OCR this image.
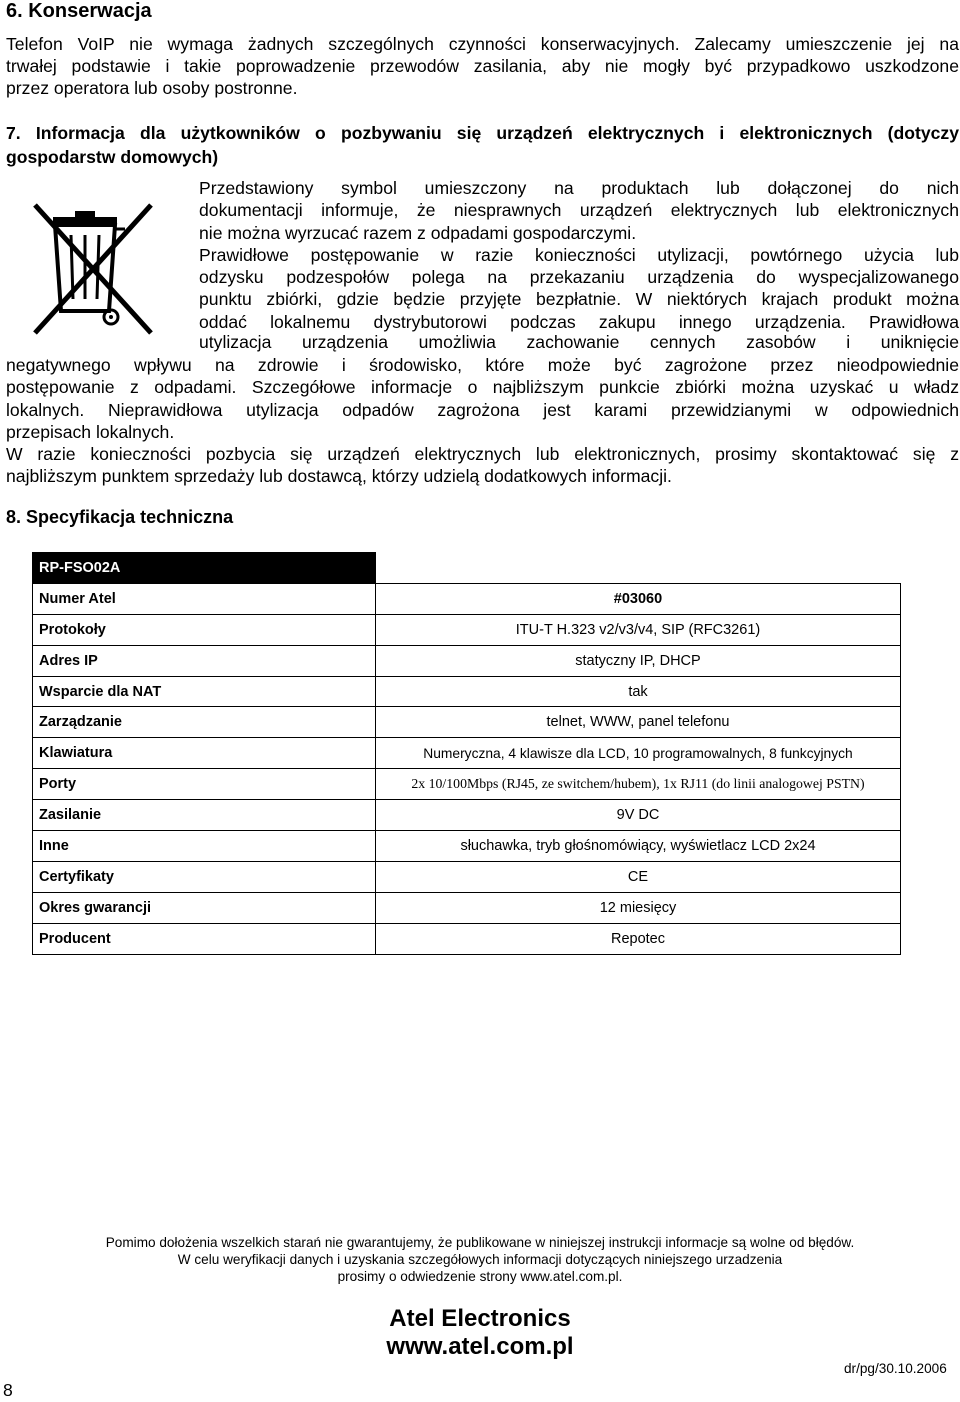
6. Konserwacja
Telefon VoIP nie wymaga żadnych szczególnych czynności konserwacyjnych. Zalecamy umieszczenie jej na
trwałej podstawie i takie poprowadzenie przewodów zasilania, aby nie mogły być przypadkowo uszkodzone
przez operatora lub osoby postronne.
7. Informacja dla użytkowników o pozbywaniu się urządzeń elektrycznych i elektronicznych (dotyczy
gospodarstw domowych)
Przedstawiony symbol umieszczony na produktach lub dołączonej do nich
dokumentacji informuje, że niesprawnych urządzeń elektrycznych lub elektronicznych
nie można wyrzucać razem z odpadami gospodarczymi.
Prawidłowe postępowanie w razie konieczności utylizacji, powtórnego użycia lub
odzysku podzespołów polega na przekazaniu urządzenia do wyspecjalizowanego
punktu zbiórki, gdzie będzie przyjęte bezpłatnie. W niektórych krajach produkt można
oddać lokalnemu dystrybutorowi podczas zakupu innego urządzenia. Prawidłowa
utylizacja urządzenia umożliwia zachowanie cennych zasobów i uniknięcie
negatywnego wpływu na zdrowie i środowisko, które może być zagrożone przez nieodpowiednie
postępowanie z odpadami. Szczegółowe informacje o najbliższym punkcie zbiórki można uzyskać u władz
lokalnych. Nieprawidłowa utylizacja odpadów zagrożona jest karami przewidzianymi w odpowiednich
przepisach lokalnych.
W razie konieczności pozbycia się urządzeń elektrycznych lub elektronicznych, prosimy skontaktować się z
najbliższym punktem sprzedaży lub dostawcą, którzy udzielą dodatkowych informacji.
8. Specyfikacja techniczna
RP-FSO02A	
Numer Atel	#03060
Protokoły	ITU-T H.323 v2/v3/v4, SIP (RFC3261)
Adres IP	statyczny IP, DHCP
Wsparcie dla NAT	tak
Zarządzanie	telnet, WWW, panel telefonu
Klawiatura	Numeryczna, 4 klawisze dla LCD, 10 programowalnych, 8 funkcyjnych
Porty	2x 10/100Mbps (RJ45, ze switchem/hubem), 1x RJ11 (do linii analogowej PSTN)
Zasilanie	9V DC
Inne	słuchawka, tryb głośnomówiący, wyświetlacz LCD 2x24
Certyfikaty	CE
Okres gwarancji	12 miesięcy
Producent	Repotec
Pomimo dołożenia wszelkich starań nie gwarantujemy, że publikowane w niniejszej instrukcji informacje są wolne od błędów.
W celu weryfikacji danych i uzyskania szczegółowych informacji dotyczących niniejszego urzadzenia
prosimy o odwiedzenie strony www.atel.com.pl.
Atel Electronics
www.atel.com.pl
dr/pg/30.10.2006
8
